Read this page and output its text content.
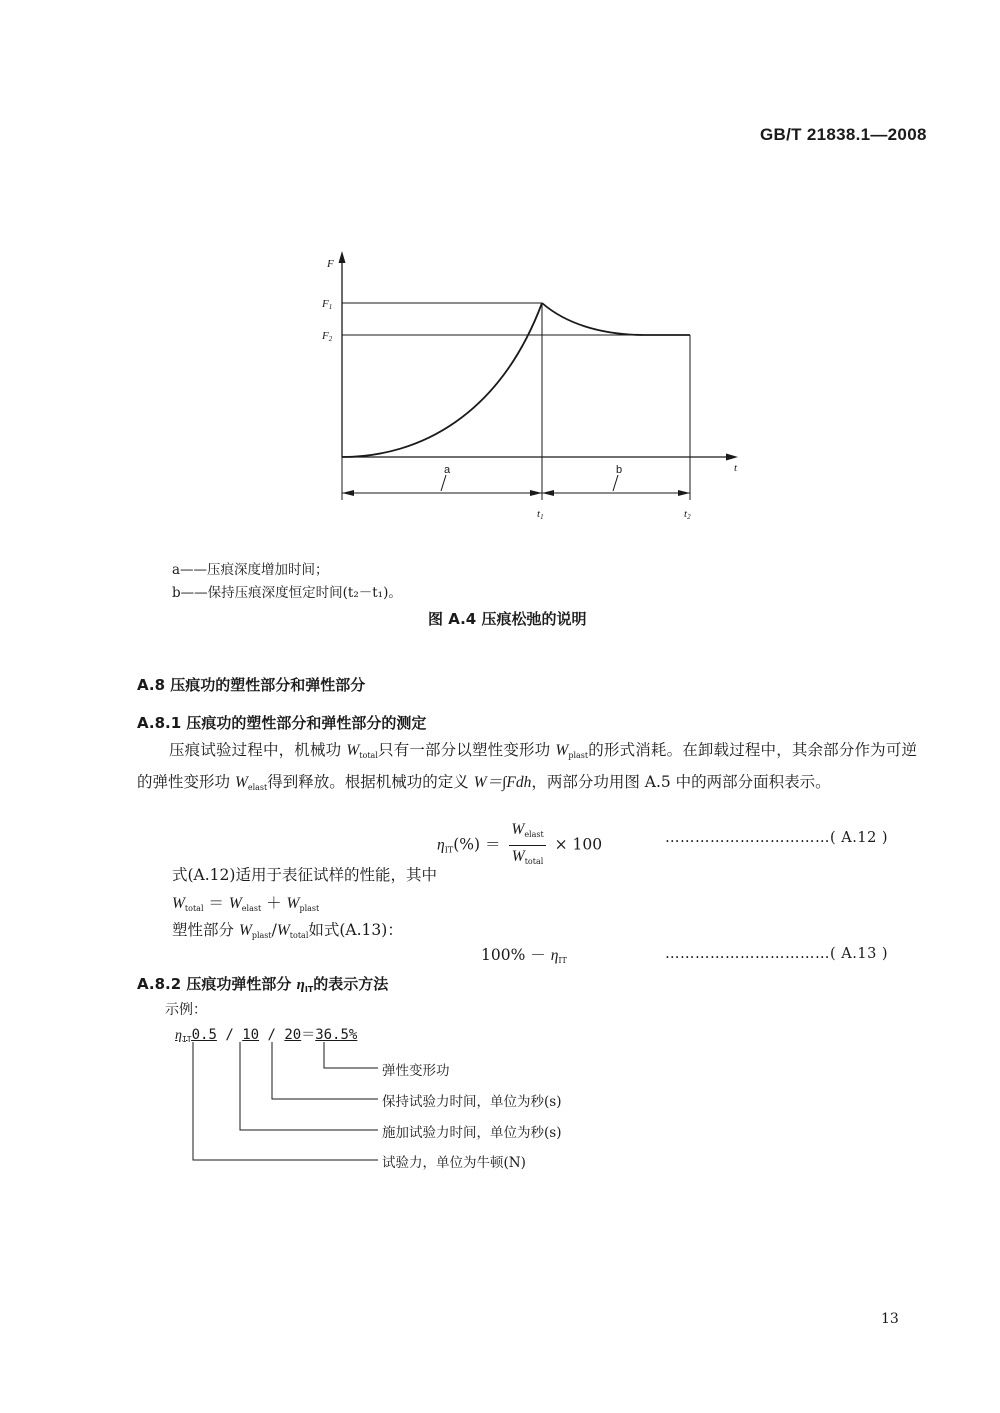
GB/T 21838.1—2008
F
t
F1
F2
t1	t2
a	b
a——压痕深度增加时间；
b——保持压痕深度恒定时间(t₂－t₁)。
图 A.4 压痕松弛的说明
A.8 压痕功的塑性部分和弹性部分
A.8.1 压痕功的塑性部分和弹性部分的测定
压痕试验过程中，机械功 $W_{total}$只有一部分以塑性变形功 $W_{plast}$的形式消耗。在卸载过程中，其余部分作为可逆的弹性变形功 $W_{elast}$得到释放。根据机械功的定义 W＝∫Fdh，两部分功用图 A.5 中的两部分面积表示。
$\eta_{IT}(\%) = \frac{W_{elast}}{W_{total}} \times 100$	……………………………( A.12 )
式(A.12)适用于表征试样的性能，其中
$W_{total} = W_{elast} + W_{plast}$
塑性部分 $W_{plast}/W_{total}$如式(A.13)：
$100\% - \eta_{IT}$	……………………………( A.13 )
A.8.2 压痕功弹性部分 $\eta_{IT}$的表示方法
示例：
$\eta_{IT}0.5 / 10 / 20=36.5\%$
弹性变形功
保持试验力时间，单位为秒(s)
施加试验力时间，单位为秒(s)
试验力，单位为牛顿(N)
13
